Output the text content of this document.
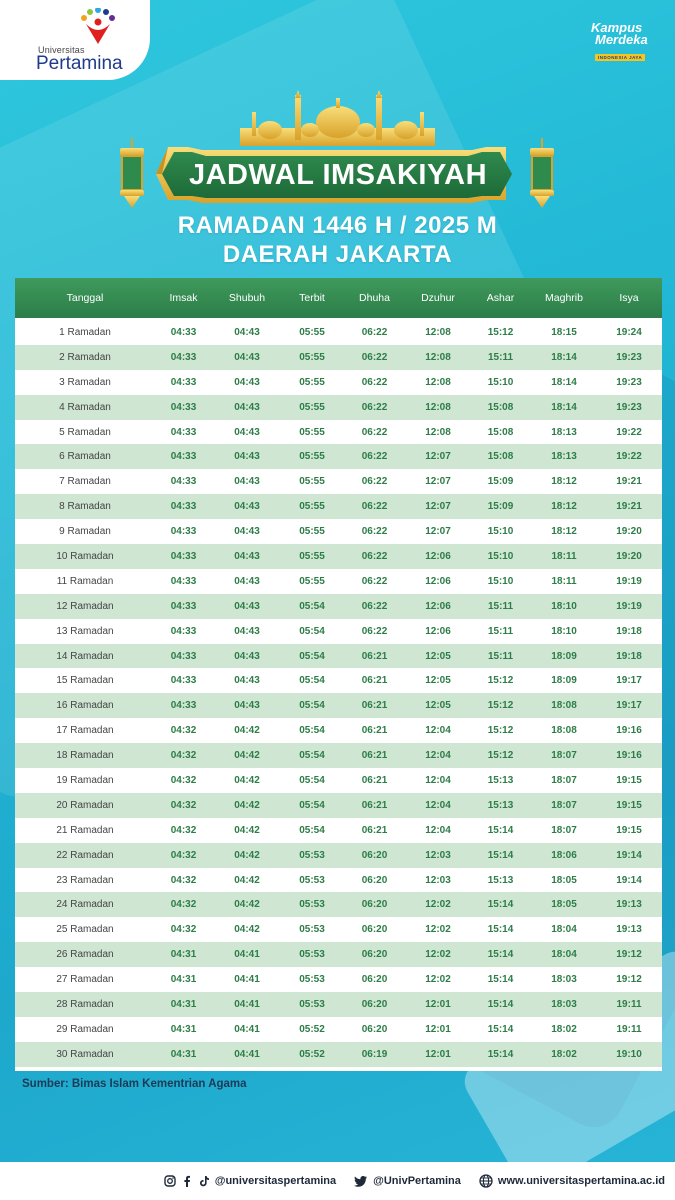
Universitas
Pertamina
Kampus
Merdeka
INDONESIA JAYA
JADWAL IMSAKIYAH
RAMADAN 1446 H / 2025 M
DAERAH JAKARTA
Tanggal	Imsak	Shubuh	Terbit	Dhuha	Dzuhur	Ashar	Maghrib	Isya
1 Ramadan	04:33	04:43	05:55	06:22	12:08	15:12	18:15	19:24
2 Ramadan	04:33	04:43	05:55	06:22	12:08	15:11	18:14	19:23
3 Ramadan	04:33	04:43	05:55	06:22	12:08	15:10	18:14	19:23
4 Ramadan	04:33	04:43	05:55	06:22	12:08	15:08	18:14	19:23
5 Ramadan	04:33	04:43	05:55	06:22	12:08	15:08	18:13	19:22
6 Ramadan	04:33	04:43	05:55	06:22	12:07	15:08	18:13	19:22
7 Ramadan	04:33	04:43	05:55	06:22	12:07	15:09	18:12	19:21
8 Ramadan	04:33	04:43	05:55	06:22	12:07	15:09	18:12	19:21
9 Ramadan	04:33	04:43	05:55	06:22	12:07	15:10	18:12	19:20
10 Ramadan	04:33	04:43	05:55	06:22	12:06	15:10	18:11	19:20
11 Ramadan	04:33	04:43	05:55	06:22	12:06	15:10	18:11	19:19
12 Ramadan	04:33	04:43	05:54	06:22	12:06	15:11	18:10	19:19
13 Ramadan	04:33	04:43	05:54	06:22	12:06	15:11	18:10	19:18
14 Ramadan	04:33	04:43	05:54	06:21	12:05	15:11	18:09	19:18
15 Ramadan	04:33	04:43	05:54	06:21	12:05	15:12	18:09	19:17
16 Ramadan	04:33	04:43	05:54	06:21	12:05	15:12	18:08	19:17
17 Ramadan	04:32	04:42	05:54	06:21	12:04	15:12	18:08	19:16
18 Ramadan	04:32	04:42	05:54	06:21	12:04	15:12	18:07	19:16
19 Ramadan	04:32	04:42	05:54	06:21	12:04	15:13	18:07	19:15
20 Ramadan	04:32	04:42	05:54	06:21	12:04	15:13	18:07	19:15
21 Ramadan	04:32	04:42	05:54	06:21	12:04	15:14	18:07	19:15
22 Ramadan	04:32	04:42	05:53	06:20	12:03	15:14	18:06	19:14
23 Ramadan	04:32	04:42	05:53	06:20	12:03	15:13	18:05	19:14
24 Ramadan	04:32	04:42	05:53	06:20	12:02	15:14	18:05	19:13
25 Ramadan	04:32	04:42	05:53	06:20	12:02	15:14	18:04	19:13
26 Ramadan	04:31	04:41	05:53	06:20	12:02	15:14	18:04	19:12
27 Ramadan	04:31	04:41	05:53	06:20	12:02	15:14	18:03	19:12
28 Ramadan	04:31	04:41	05:53	06:20	12:01	15:14	18:03	19:11
29 Ramadan	04:31	04:41	05:52	06:20	12:01	15:14	18:02	19:11
30 Ramadan	04:31	04:41	05:52	06:19	12:01	15:14	18:02	19:10
Sumber: Bimas Islam Kementrian Agama
@universitaspertamina	@UnivPertamina	www.universitaspertamina.ac.id
